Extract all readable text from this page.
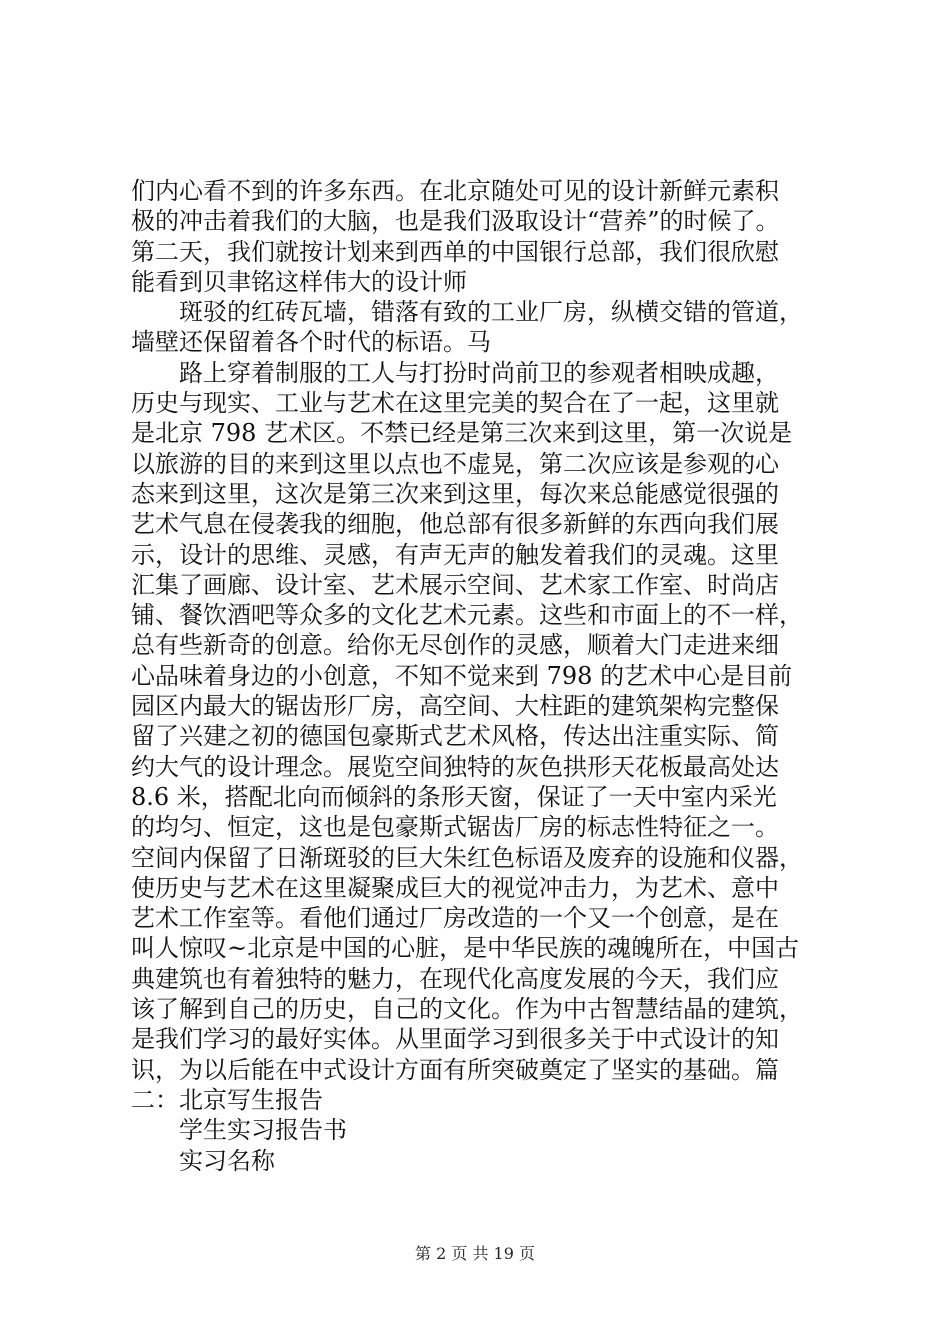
们内心看不到的许多东西。在北京随处可见的设计新鲜元素积
极的冲击着我们的大脑，也是我们汲取设计“营养”的时候了。
第二天，我们就按计划来到西单的中国银行总部，我们很欣慰
能看到贝聿铭这样伟大的设计师
斑驳的红砖瓦墙，错落有致的工业厂房，纵横交错的管道，
墙壁还保留着各个时代的标语。马
路上穿着制服的工人与打扮时尚前卫的参观者相映成趣，
历史与现实、工业与艺术在这里完美的契合在了一起，这里就
是北京 798 艺术区。不禁已经是第三次来到这里，第一次说是
以旅游的目的来到这里以点也不虚晃，第二次应该是参观的心
态来到这里，这次是第三次来到这里，每次来总能感觉很强的
艺术气息在侵袭我的细胞，他总部有很多新鲜的东西向我们展
示，设计的思维、灵感，有声无声的触发着我们的灵魂。这里
汇集了画廊、设计室、艺术展示空间、艺术家工作室、时尚店
铺、餐饮酒吧等众多的文化艺术元素。这些和市面上的不一样，
总有些新奇的创意。给你无尽创作的灵感，顺着大门走进来细
心品味着身边的小创意，不知不觉来到 798 的艺术中心是目前
园区内最大的锯齿形厂房，高空间、大柱距的建筑架构完整保
留了兴建之初的德国包豪斯式艺术风格，传达出注重实际、简
约大气的设计理念。展览空间独特的灰色拱形天花板最高处达
8.6 米，搭配北向而倾斜的条形天窗，保证了一天中室内采光
的均匀、恒定，这也是包豪斯式锯齿厂房的标志性特征之一。
空间内保留了日渐斑驳的巨大朱红色标语及废弃的设施和仪器，
使历史与艺术在这里凝聚成巨大的视觉冲击力，为艺术、意中
艺术工作室等。看他们通过厂房改造的一个又一个创意，是在
叫人惊叹~北京是中国的心脏，是中华民族的魂魄所在，中国古
典建筑也有着独特的魅力，在现代化高度发展的今天，我们应
该了解到自己的历史，自己的文化。作为中古智慧结晶的建筑，
是我们学习的最好实体。从里面学习到很多关于中式设计的知
识，为以后能在中式设计方面有所突破奠定了坚实的基础。篇
二：北京写生报告
学生实习报告书
实习名称
第 2 页 共 19 页
